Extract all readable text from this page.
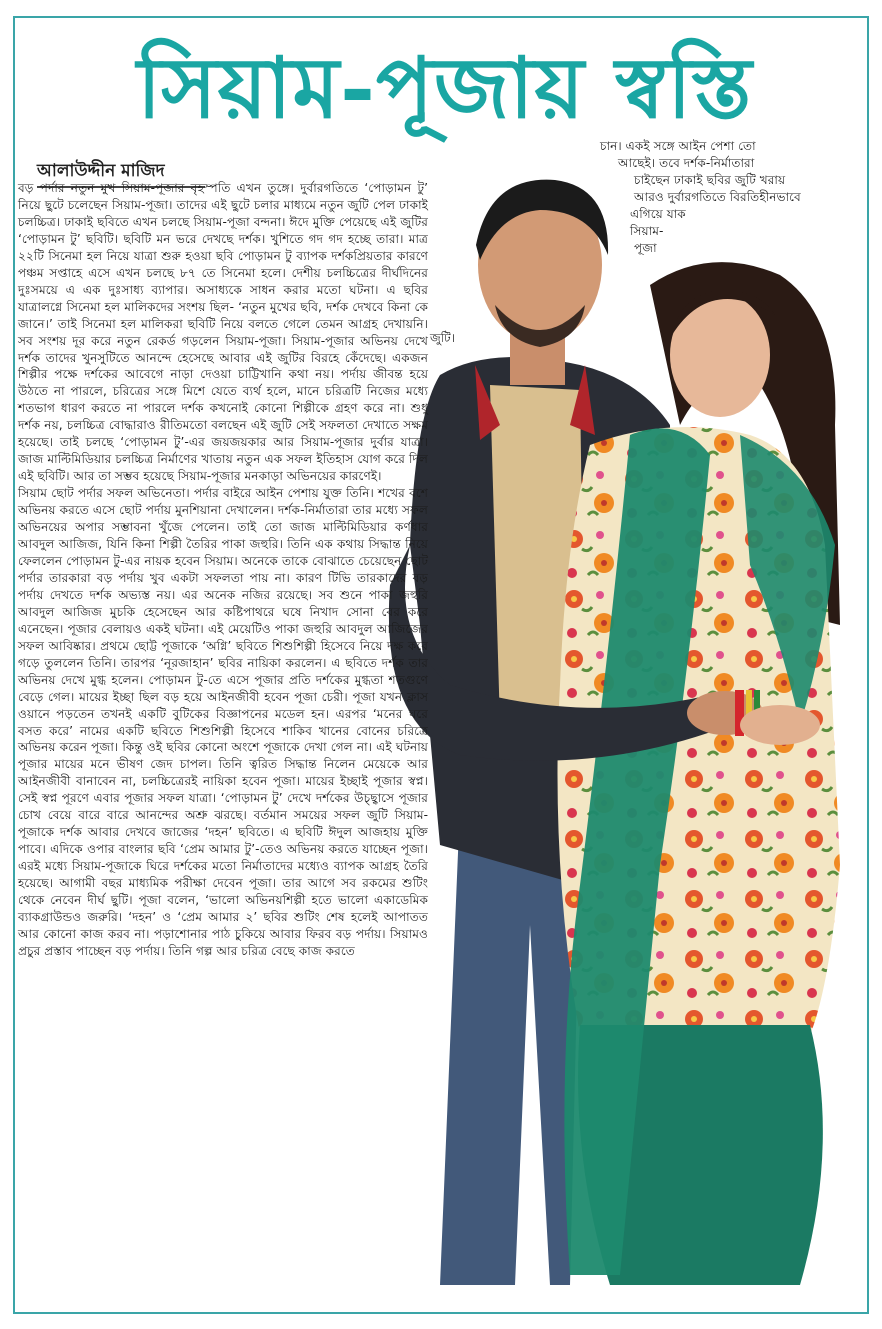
সিয়াম-পূজায় স্বস্তি
আলাউদ্দীন মাজিদ

বড় পর্দার নতুন মুখ সিয়াম-পূজার বৃহস্পতি এখন তুঙ্গে। দুর্বারগতিতে ‘পোড়ামন টু’ নিয়ে ছুটে চলেছেন সিয়াম-পূজা। তাদের এই ছুটে চলার মাধ্যমে নতুন জুটি পেল ঢাকাই চলচ্চিত্র। ঢাকাই ছবিতে এখন চলছে সিয়াম-পূজা বন্দনা। ঈদে মুক্তি পেয়েছে এই জুটির ‘পোড়ামন টু’ ছবিটি। ছবিটি মন ভরে দেখছে দর্শক। খুশিতে গদ গদ হচ্ছে তারা। মাত্র ২২টি সিনেমা হল নিয়ে যাত্রা শুরু হওয়া ছবি পোড়ামন টু ব্যাপক দর্শকপ্রিয়তার কারণে পঞ্চম সপ্তাহে এসে এখন চলছে ৮৭ তে সিনেমা হলে। দেশীয় চলচ্চিত্রের দীর্ঘদিনের দুঃসময়ে এ এক দুঃসাধ্য ব্যাপার। অসাধ্যকে সাধন করার মতো ঘটনা। এ ছবির যাত্রালগ্নে সিনেমা হল মালিকদের সংশয় ছিল- ‘নতুন মুখের ছবি, দর্শক দেখবে কিনা কে জানে।’ তাই সিনেমা হল মালিকরা ছবিটি নিয়ে বলতে গেলে তেমন আগ্রহ দেখায়নি। সব সংশয় দূর করে নতুন রেকর্ড গড়লেন সিয়াম-পূজা। সিয়াম-পূজার অভিনয় দেখে দর্শক তাদের খুনসুটিতে আনন্দে হেসেছে আবার এই জুটির বিরহে কেঁদেছে। একজন শিল্পীর পক্ষে দর্শকের আবেগে নাড়া দেওয়া চাট্টিখানি কথা নয়। পর্দায় জীবন্ত হয়ে উঠতে না পারলে, চরিত্রের সঙ্গে মিশে যেতে ব্যর্থ হলে, মানে চরিত্রটি নিজের মধ্যে শতভাগ ধারণ করতে না পারলে দর্শক কখনোই কোনো শিল্পীকে গ্রহণ করে না। শুধু দর্শক নয়, চলচ্চিত্র বোদ্ধারাও রীতিমতো বলছেন এই জুটি সেই সফলতা দেখাতে সক্ষম হয়েছে। তাই চলছে ‘পোড়ামন টু’-এর জয়জয়কার আর সিয়াম-পূজার দুর্বার যাত্রা। জাজ মাল্টিমিডিয়ার চলচ্চিত্র নির্মাণের খাতায় নতুন এক সফল ইতিহাস যোগ করে দিল এই ছবিটি। আর তা সম্ভব হয়েছে সিয়াম-পূজার মনকাড়া অভিনয়ের কারণেই।

সিয়াম ছোট পর্দার সফল অভিনেতা। পর্দার বাইরে আইন পেশায় যুক্ত তিনি। শখের বশে অভিনয় করতে এসে ছোট পর্দায় মুনশিয়ানা দেখালেন। দর্শক-নির্মাতারা তার মধ্যে সফল অভিনয়ের অপার সম্ভাবনা খুঁজে পেলেন। তাই তো জাজ মাল্টিমিডিয়ার কর্ণধার আবদুল আজিজ, যিনি কিনা শিল্পী তৈরির পাকা জহুরি। তিনি এক কথায় সিদ্ধান্ত নিয়ে ফেললেন পোড়ামন টু-এর নায়ক হবেন সিয়াম। অনেকে তাকে বোঝাতে চেয়েছেন ছোট পর্দার তারকারা বড় পর্দায় খুব একটা সফলতা পায় না। কারণ টিভি তারকাদের বড় পর্দায় দেখতে দর্শক অভ্যস্ত নয়। এর অনেক নজির রয়েছে। সব শুনে পাকা জহুরি আবদুল আজিজ মুচকি হেসেছেন আর কষ্টিপাথরে ঘষে নিখাদ সোনা বের করে এনেছেন। পূজার বেলায়ও একই ঘটনা। এই মেয়েটিও পাকা জহুরি আবদুল আজিজের সফল আবিষ্কার। প্রথমে ছোট্ট পূজাকে ‘অগ্নি’ ছবিতে শিশুশিল্পী হিসেবে নিয়ে দক্ষ করে গড়ে তুললেন তিনি। তারপর ‘নূরজাহান’ ছবির নায়িকা করলেন। এ ছবিতে দর্শক তার অভিনয় দেখে মুগ্ধ হলেন। পোড়ামন টু-তে এসে পূজার প্রতি দর্শকের মুগ্ধতা শতগুণে বেড়ে গেল। মায়ের ইচ্ছা ছিল বড় হয়ে আইনজীবী হবেন পূজা চেরী। পূজা যখন ক্লাস ওয়ানে পড়তেন তখনই একটি বুটিকের বিজ্ঞাপনের মডেল হন। এরপর ‘মনের ঘরে বসত করে’ নামের একটি ছবিতে শিশুশিল্পী হিসেবে শাকিব খানের বোনের চরিত্রে অভিনয় করেন পূজা। কিন্তু ওই ছবির কোনো অংশে পূজাকে দেখা গেল না। এই ঘটনায় পূজার মায়ের মনে ভীষণ জেদ চাপল। তিনি ত্বরিত সিদ্ধান্ত নিলেন মেয়েকে আর আইনজীবী বানাবেন না, চলচ্চিত্রেরই নায়িকা হবেন পূজা। মায়ের ইচ্ছাই পূজার স্বপ্ন। সেই স্বপ্ন পূরণে এবার পূজার সফল যাত্রা। ‘পোড়ামন টু’ দেখে দর্শকের উচ্ছ্বাসে পূজার চোখ বেয়ে বারে বারে আনন্দের অশ্রু ঝরছে। বর্তমান সময়ের সফল জুটি সিয়াম-পূজাকে দর্শক আবার দেখবে জাজের ‘দহন’ ছবিতে। এ ছবিটি ঈদুল আজহায় মুক্তি পাবে। এদিকে ওপার বাংলার ছবি ‘প্রেম আমার টু’-তেও অভিনয় করতে যাচ্ছেন পূজা। এরই মধ্যে সিয়াম-পূজাকে ঘিরে দর্শকের মতো নির্মাতাদের মধ্যেও ব্যাপক আগ্রহ তৈরি হয়েছে। আগামী বছর মাধ্যমিক পরীক্ষা দেবেন পূজা। তার আগে সব রকমের শুটিং থেকে নেবেন দীর্ঘ ছুটি। পূজা বলেন, ‘ভালো অভিনয়শিল্পী হতে ভালো একাডেমিক ব্যাকগ্রাউন্ডও জরুরি। ‘দহন’ ও ‘প্রেম আমার ২’ ছবির শুটিং শেষ হলেই আপাতত আর কোনো কাজ করব না। পড়াশোনার পাঠ চুকিয়ে আবার ফিরব বড় পর্দায়। সিয়ামও প্রচুর প্রস্তাব পাচ্ছেন বড় পর্দায়। তিনি গল্প আর চরিত্র বেছে কাজ করতে

চান। একই সঙ্গে আইন পেশা তো
আছেই। তবে দর্শক-নির্মাতারা
চাইছেন ঢাকাই ছবির জুটি খরায়
আরও দুর্বারগতিতে বিরতিহীনভাবে
এগিয়ে যাক
সিয়াম-
পূজা
জুটি।
